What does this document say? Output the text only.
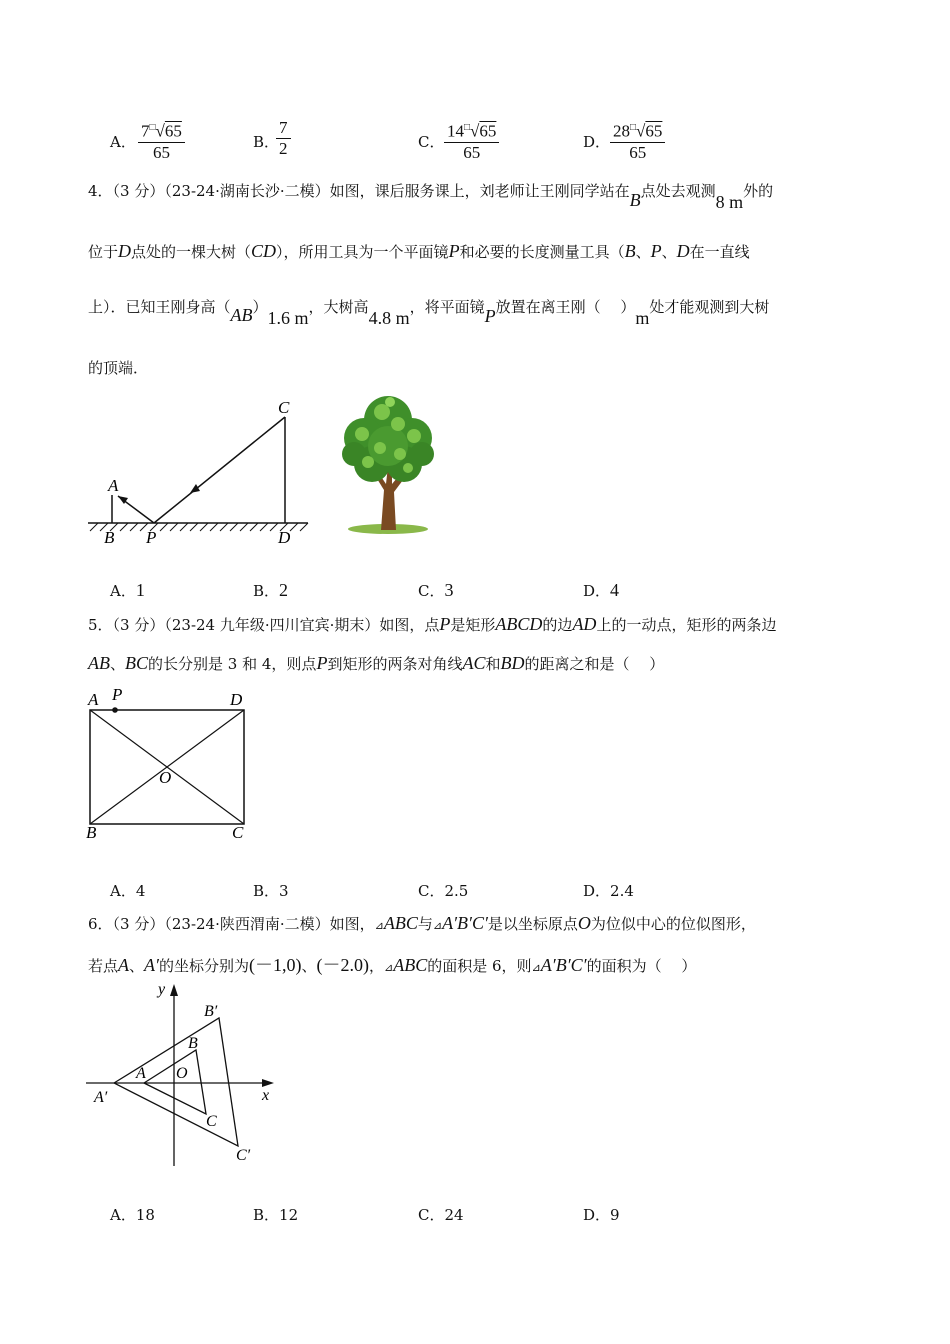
A． $\frac{7^□√65}{65}$	B．
$\frac{7}{2}$	C． $\frac{14^□√65}{65}$	D． $\frac{28^□√65}{65}$
4．（3 分）（23-24·湖南长沙·二模）如图，课后服务课上，刘老师让王刚同学站在B点处去观测8 m外的
位于D点处的一棵大树（CD），所用工具为一个平面镜P和必要的长度测量工具（B、P、D在一直线
上）．已知王刚身高（AB）1.6 m，大树高4.8 m，将平面镜P放置在离王刚（　 ）m处才能观测到大树
的顶端．
A
B P
C
D
A．1	B．2	C．3	D．4
5．（3 分）（23-24 九年级·四川宜宾·期末）如图，点P是矩形ABCD的边AD上的一动点，矩形的两条边
AB、BC的长分别是 3 和 4，则点P到矩形的两条对角线AC和BD的距离之和是（　 ）
A P	D
O
B	C
A．4	B．3	C．2.5	D．2.4
6．（3 分）（23-24·陕西渭南·二模）如图，⊿ABC与⊿A′B′C′是以坐标原点O为位似中心的位似图形，
若点A、A′的坐标分别为(－1,0)、(－2.0)，⊿ABC的面积是 6，则⊿A′B′C′的面积为（　 ）
y
x
O
A
B
C
A′
B′
C′
A．18	B．12	C．24	D．9
